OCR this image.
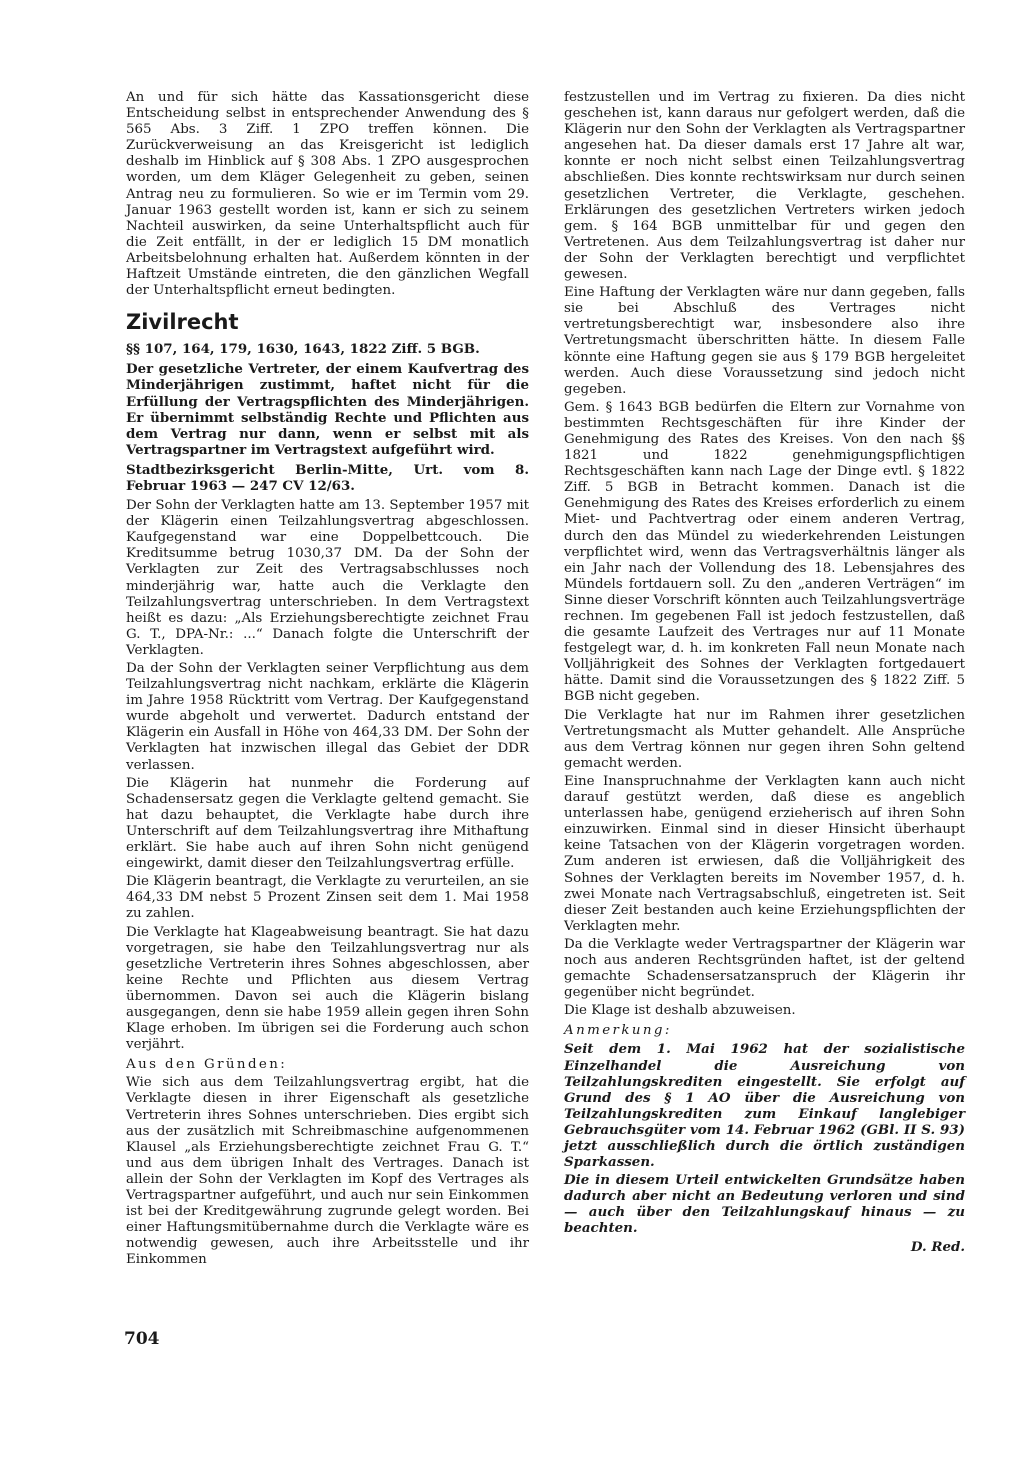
An und für sich hätte das Kassationsgericht diese Entscheidung selbst in entsprechender Anwendung des § 565 Abs. 3 Ziff. 1 ZPO treffen können. Die Zurückverweisung an das Kreisgericht ist lediglich deshalb im Hinblick auf § 308 Abs. 1 ZPO ausgesprochen worden, um dem Kläger Gelegenheit zu geben, seinen Antrag neu zu formulieren. So wie er im Termin vom 29. Januar 1963 gestellt worden ist, kann er sich zu seinem Nachteil auswirken, da seine Unterhaltspflicht auch für die Zeit entfällt, in der er lediglich 15 DM monatlich Arbeitsbelohnung erhalten hat. Außerdem könnten in der Haftzeit Umstände eintreten, die den gänzlichen Wegfall der Unterhaltspflicht erneut bedingten.

Zivilrecht

§§ 107, 164, 179, 1630, 1643, 1822 Ziff. 5 BGB.

Der gesetzliche Vertreter, der einem Kaufvertrag des Minderjährigen zustimmt, haftet nicht für die Erfüllung der Vertragspflichten des Minderjährigen. Er übernimmt selbständig Rechte und Pflichten aus dem Vertrag nur dann, wenn er selbst mit als Vertragspartner im Vertragstext aufgeführt wird.

Stadtbezirksgericht Berlin-Mitte, Urt. vom 8. Februar 1963 — 247 CV 12/63.

Der Sohn der Verklagten hatte am 13. September 1957 mit der Klägerin einen Teilzahlungsvertrag abgeschlossen. Kaufgegenstand war eine Doppelbettcouch. Die Kreditsumme betrug 1030,37 DM. Da der Sohn der Verklagten zur Zeit des Vertragsabschlusses noch minderjährig war, hatte auch die Verklagte den Teilzahlungsvertrag unterschrieben. In dem Vertragstext heißt es dazu: „Als Erziehungsberechtigte zeichnet Frau G. T., DPA-Nr.: ...“ Danach folgte die Unterschrift der Verklagten.

Da der Sohn der Verklagten seiner Verpflichtung aus dem Teilzahlungsvertrag nicht nachkam, erklärte die Klägerin im Jahre 1958 Rücktritt vom Vertrag. Der Kaufgegenstand wurde abgeholt und verwertet. Dadurch entstand der Klägerin ein Ausfall in Höhe von 464,33 DM. Der Sohn der Verklagten hat inzwischen illegal das Gebiet der DDR verlassen.

Die Klägerin hat nunmehr die Forderung auf Schadensersatz gegen die Verklagte geltend gemacht. Sie hat dazu behauptet, die Verklagte habe durch ihre Unterschrift auf dem Teilzahlungsvertrag ihre Mithaftung erklärt. Sie habe auch auf ihren Sohn nicht genügend eingewirkt, damit dieser den Teilzahlungsvertrag erfülle.

Die Klägerin beantragt, die Verklagte zu verurteilen, an sie 464,33 DM nebst 5 Prozent Zinsen seit dem 1. Mai 1958 zu zahlen.

Die Verklagte hat Klageabweisung beantragt. Sie hat dazu vorgetragen, sie habe den Teilzahlungsvertrag nur als gesetzliche Vertreterin ihres Sohnes abgeschlossen, aber keine Rechte und Pflichten aus diesem Vertrag übernommen. Davon sei auch die Klägerin bislang ausgegangen, denn sie habe 1959 allein gegen ihren Sohn Klage erhoben. Im übrigen sei die Forderung auch schon verjährt.

Aus den Gründen:

Wie sich aus dem Teilzahlungsvertrag ergibt, hat die Verklagte diesen in ihrer Eigenschaft als gesetzliche Vertreterin ihres Sohnes unterschrieben. Dies ergibt sich aus der zusätzlich mit Schreibmaschine aufgenommenen Klausel „als Erziehungsberechtigte zeichnet Frau G. T.“ und aus dem übrigen Inhalt des Vertrages. Danach ist allein der Sohn der Verklagten im Kopf des Vertrages als Vertragspartner aufgeführt, und auch nur sein Einkommen ist bei der Kreditgewährung zugrunde gelegt worden. Bei einer Haftungsmitübernahme durch die Verklagte wäre es notwendig gewesen, auch ihre Arbeitsstelle und ihr Einkommen

festzustellen und im Vertrag zu fixieren. Da dies nicht geschehen ist, kann daraus nur gefolgert werden, daß die Klägerin nur den Sohn der Verklagten als Vertragspartner angesehen hat. Da dieser damals erst 17 Jahre alt war, konnte er noch nicht selbst einen Teilzahlungsvertrag abschließen. Dies konnte rechtswirksam nur durch seinen gesetzlichen Vertreter, die Verklagte, geschehen. Erklärungen des gesetzlichen Vertreters wirken jedoch gem. § 164 BGB unmittelbar für und gegen den Vertretenen. Aus dem Teilzahlungsvertrag ist daher nur der Sohn der Verklagten berechtigt und verpflichtet gewesen.

Eine Haftung der Verklagten wäre nur dann gegeben, falls sie bei Abschluß des Vertrages nicht vertretungsberechtigt war, insbesondere also ihre Vertretungsmacht überschritten hätte. In diesem Falle könnte eine Haftung gegen sie aus § 179 BGB hergeleitet werden. Auch diese Voraussetzung sind jedoch nicht gegeben.

Gem. § 1643 BGB bedürfen die Eltern zur Vornahme von bestimmten Rechtsgeschäften für ihre Kinder der Genehmigung des Rates des Kreises. Von den nach §§ 1821 und 1822 genehmigungspflichtigen Rechtsgeschäften kann nach Lage der Dinge evtl. § 1822 Ziff. 5 BGB in Betracht kommen. Danach ist die Genehmigung des Rates des Kreises erforderlich zu einem Miet- und Pachtvertrag oder einem anderen Vertrag, durch den das Mündel zu wiederkehrenden Leistungen verpflichtet wird, wenn das Vertragsverhältnis länger als ein Jahr nach der Vollendung des 18. Lebensjahres des Mündels fortdauern soll. Zu den „anderen Verträgen“ im Sinne dieser Vorschrift könnten auch Teilzahlungsverträge rechnen. Im gegebenen Fall ist jedoch festzustellen, daß die gesamte Laufzeit des Vertrages nur auf 11 Monate festgelegt war, d. h. im konkreten Fall neun Monate nach Volljährigkeit des Sohnes der Verklagten fortgedauert hätte. Damit sind die Voraussetzungen des § 1822 Ziff. 5 BGB nicht gegeben.

Die Verklagte hat nur im Rahmen ihrer gesetzlichen Vertretungsmacht als Mutter gehandelt. Alle Ansprüche aus dem Vertrag können nur gegen ihren Sohn geltend gemacht werden.

Eine Inanspruchnahme der Verklagten kann auch nicht darauf gestützt werden, daß diese es angeblich unterlassen habe, genügend erzieherisch auf ihren Sohn einzuwirken. Einmal sind in dieser Hinsicht überhaupt keine Tatsachen von der Klägerin vorgetragen worden. Zum anderen ist erwiesen, daß die Volljährigkeit des Sohnes der Verklagten bereits im November 1957, d. h. zwei Monate nach Vertragsabschluß, eingetreten ist. Seit dieser Zeit bestanden auch keine Erziehungspflichten der Verklagten mehr.

Da die Verklagte weder Vertragspartner der Klägerin war noch aus anderen Rechtsgründen haftet, ist der geltend gemachte Schadensersatzanspruch der Klägerin ihr gegenüber nicht begründet.

Die Klage ist deshalb abzuweisen.

Anmerkung:

Seit dem 1. Mai 1962 hat der sozialistische Einzelhandel die Ausreichung von Teilzahlungskrediten eingestellt. Sie erfolgt auf Grund des § 1 AO über die Ausreichung von Teilzahlungskrediten zum Einkauf langlebiger Gebrauchsgüter vom 14. Februar 1962 (GBl. II S. 93) jetzt ausschließlich durch die örtlich zuständigen Sparkassen.

Die in diesem Urteil entwickelten Grundsätze haben dadurch aber nicht an Bedeutung verloren und sind — auch über den Teilzahlungskauf hinaus — zu beachten.

D. Red.

704
